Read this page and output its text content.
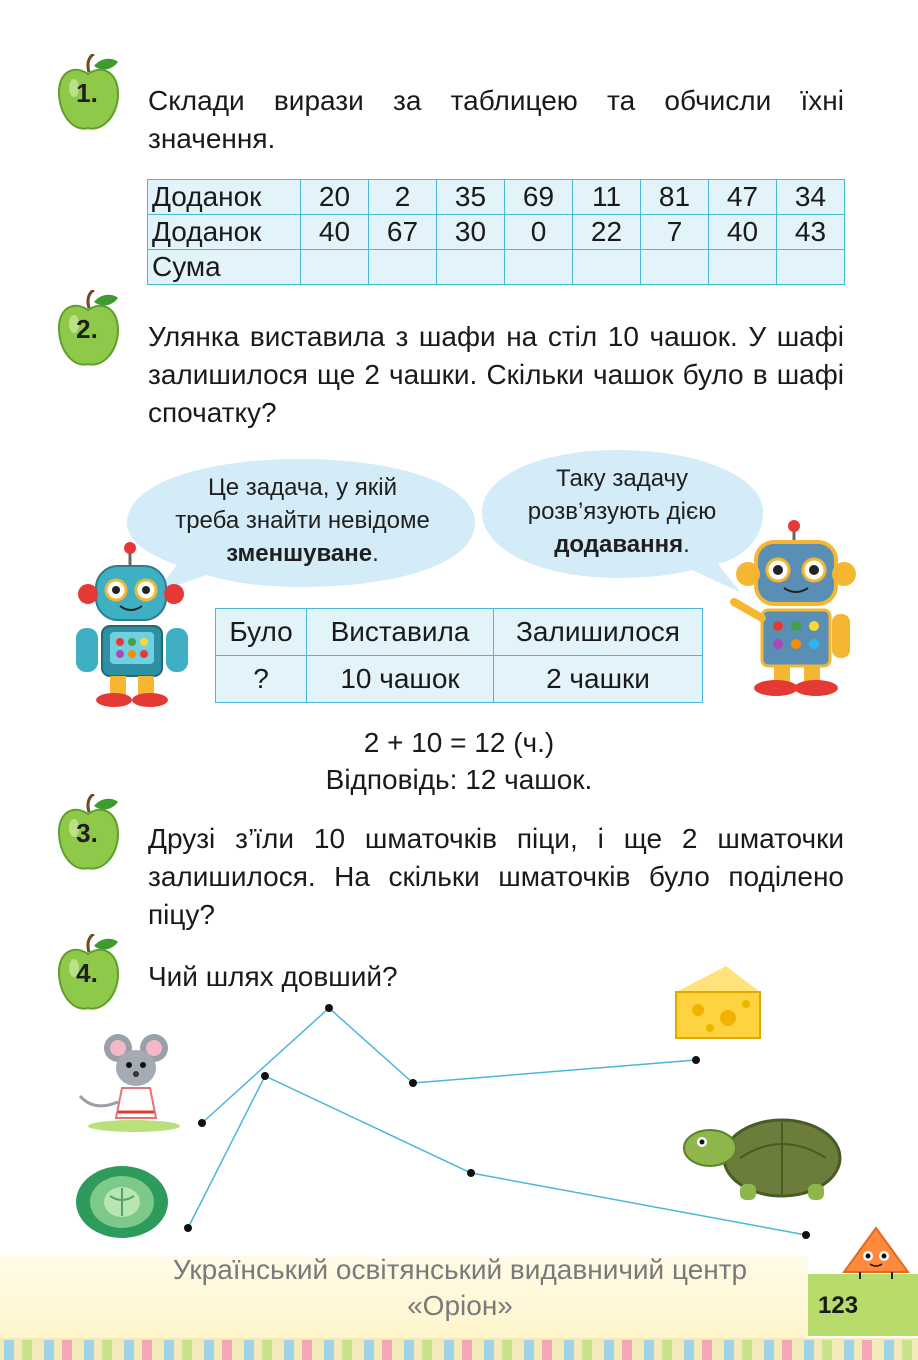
1.	Склади вирази за таблицею та обчисли їхні значення.
Доданок	20	2	35	69	11	81	47	34
Доданок	40	67	30	0	22	7	40	43
Сума								
2.	Улянка виставила з шафи на стіл 10 чашок. У шафі залишилося ще 2 чашки. Скільки чашок було в шафі спочатку?
Це задача, у якій
треба знайти невідоме
зменшуване.
Таку задачу
розв’язують дією
додавання.
Було	Виставила	Залишилося
?	10 чашок	2 чашки
2 + 10 = 12 (ч.)
Відповідь: 12 чашок.
3.	Друзі з’їли 10 шматочків піци, і ще 2 шматочки залишилося. На скільки шматочків було поділено піцу?
4.	Чий шлях довший?
Український освітянський видавничий центр
«Оріон»	123
